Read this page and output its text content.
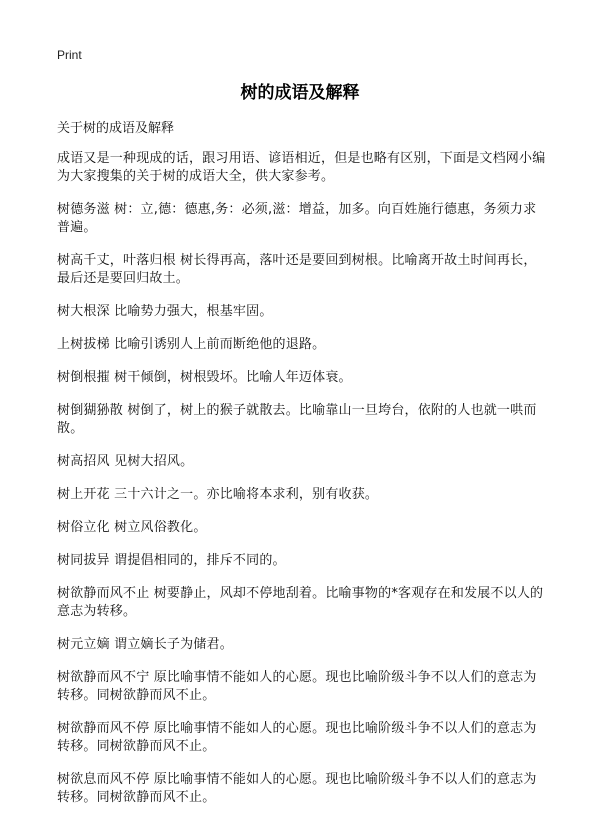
Print
树的成语及解释
关于树的成语及解释

成语又是一种现成的话，跟习用语、谚语相近，但是也略有区别，下面是文档网小编为大家搜集的关于树的成语大全，供大家参考。

树德务滋 树：立,德：德惠,务：必须,滋：增益，加多。向百姓施行德惠，务须力求普遍。

树高千丈，叶落归根 树长得再高，落叶还是要回到树根。比喻离开故土时间再长，最后还是要回归故土。

树大根深 比喻势力强大，根基牢固。

上树拔梯 比喻引诱别人上前而断绝他的退路。

树倒根摧 树干倾倒，树根毁坏。比喻人年迈体衰。

树倒猢狲散 树倒了，树上的猴子就散去。比喻靠山一旦垮台，依附的人也就一哄而散。

树高招风 见树大招风。

树上开花 三十六计之一。亦比喻将本求利，别有收获。

树俗立化 树立风俗教化。

树同拔异 谓提倡相同的，排斥不同的。

树欲静而风不止 树要静止，风却不停地刮着。比喻事物的*客观存在和发展不以人的意志为转移。

树元立嫡 谓立嫡长子为储君。

树欲静而风不宁 原比喻事情不能如人的心愿。现也比喻阶级斗争不以人们的意志为转移。同树欲静而风不止。

树欲静而风不停 原比喻事情不能如人的心愿。现也比喻阶级斗争不以人们的意志为转移。同树欲静而风不止。

树欲息而风不停 原比喻事情不能如人的心愿。现也比喻阶级斗争不以人们的意志为转移。同树欲静而风不止。
